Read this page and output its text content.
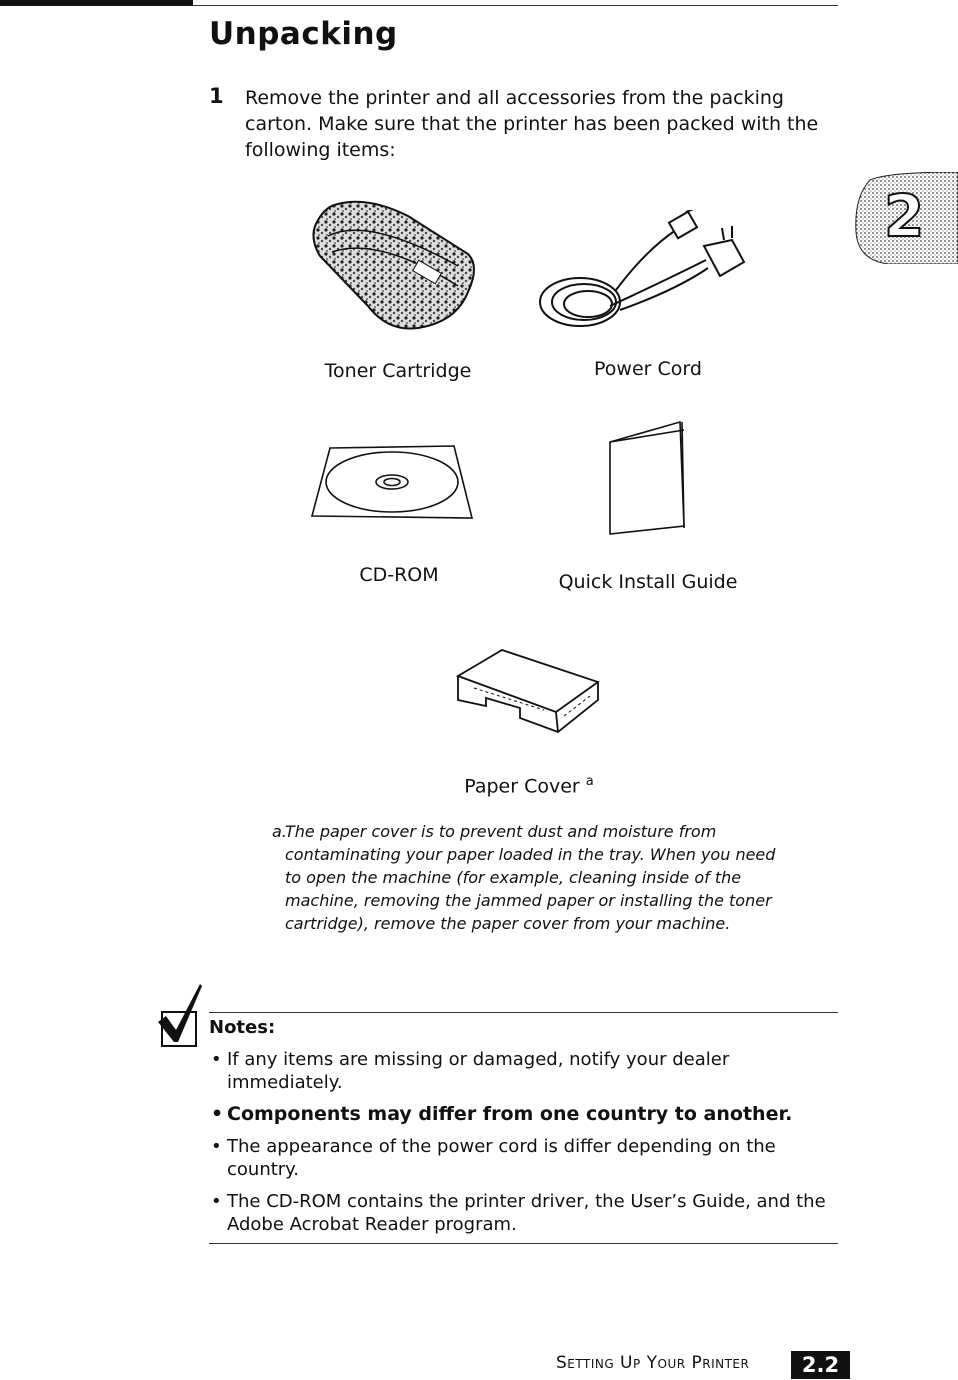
Unpacking
1 Remove the printer and all accessories from the packing carton. Make sure that the printer has been packed with the following items:
2
Toner Cartridge	Power Cord
CD-ROM	Quick Install Guide
Paper Cover $^a$
a.
The paper cover is to prevent dust and moisture from contaminating your paper loaded in the tray. When you need to open the machine (for example, cleaning inside of the machine, removing the jammed paper or installing the toner cartridge), remove the paper cover from your machine.
Notes:
• If any items are missing or damaged, notify your dealer immediately.
• Components may differ from one country to another.
• The appearance of the power cord is differ depending on the country.
• The CD-ROM contains the printer driver, the User’s Guide, and the Adobe Acrobat Reader program.
Setting Up Your Printer	2.2
